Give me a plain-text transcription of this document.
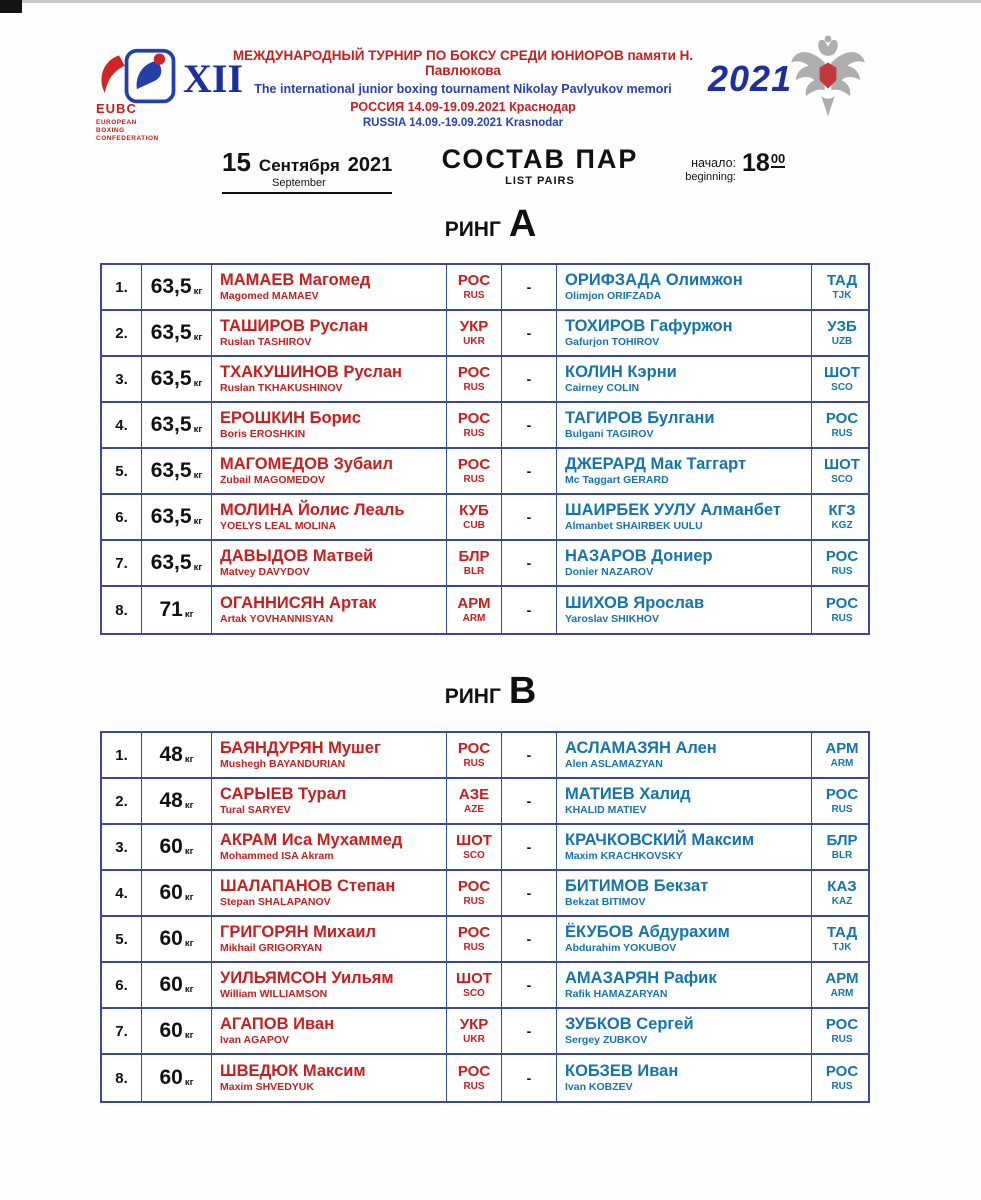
EUBC
EUROPEAN
BOXING
CONFEDERATION
XII
МЕЖДУНАРОДНЫЙ ТУРНИР ПО БОКСУ СРЕДИ ЮНИОРОВ памяти Н. Павлюкова
The international junior boxing tournament Nikolay Pavlyukov memori
РОССИЯ 14.09-19.09.2021 Краснодар
RUSSIA 14.09.-19.09.2021 Krasnodar
2021
15 Сентября 2021
September
СОСТАВ ПАР
LIST PAIRS
начало:
beginning: 1800
РИНГ A
1. 63,5 кг
МАМАЕВ Магомед
Magomed MAMAEV
РОС
RUS
- ОРИФЗАДА Олимжон
Olimjon ORIFZADA
ТАД
TJK
2. 63,5 кг
ТАШИРОВ Руслан
Ruslan TASHIROV
УКР
UKR
- ТОХИРОВ Гафуржон
Gafurjon TOHIROV
УЗБ
UZB
3. 63,5 кг
ТХАКУШИНОВ Руслан
Ruslan TKHAKUSHINOV
РОС
RUS
- КОЛИН Кэрни
Cairney COLIN
ШОТ
SCO
4. 63,5 кг
ЕРОШКИН Борис
Boris EROSHKIN
РОС
RUS
- ТАГИРОВ Булгани
Bulgani TAGIROV
РОС
RUS
5. 63,5 кг
МАГОМЕДОВ Зубаил
Zubail MAGOMEDOV
РОС
RUS
- ДЖЕРАРД Мак Таггарт
Mc Taggart GERARD
ШОТ
SCO
6. 63,5 кг
МОЛИНА Йолис Леаль
YOELYS LEAL MOLINA
КУБ
CUB
- ШАИРБЕК УУЛУ Алманбет
Almanbet SHAIRBEK UULU
КГЗ
KGZ
7. 63,5 кг
ДАВЫДОВ Матвей
Matvey DAVYDOV
БЛР
BLR
- НАЗАРОВ Дониер
Donier NAZAROV
РОС
RUS
8. 71 кг
ОГАННИСЯН Артак
Artak YOVHANNISYAN
АРМ
ARM
- ШИХОВ Ярослав
Yaroslav SHIKHOV
РОС
RUS
РИНГ B
1. 48 кг
БАЯНДУРЯН Мушег
Mushegh BAYANDURIAN
РОС
RUS
- АСЛАМАЗЯН Ален
Alen ASLAMAZYAN
АРМ
ARM
2. 48 кг
САРЫЕВ Турал
Tural SARYEV
АЗЕ
AZE
- МАТИЕВ Халид
KHALID MATIEV
РОС
RUS
3. 60 кг
АКРАМ Иса Мухаммед
Mohammed ISA Akram
ШОТ
SCO
- КРАЧКОВСКИЙ Максим
Maxim KRACHKOVSKY
БЛР
BLR
4. 60 кг
ШАЛАПАНОВ Степан
Stepan SHALAPANOV
РОС
RUS
- БИТИМОВ Бекзат
Bekzat BITIMOV
КАЗ
KAZ
5. 60 кг
ГРИГОРЯН Михаил
Mikhail GRIGORYAN
РОС
RUS
- ЁКУБОВ Абдурахим
Abdurahim YOKUBOV
ТАД
TJK
6. 60 кг
УИЛЬЯМСОН Уильям
William WILLIAMSON
ШОТ
SCO
- АМАЗАРЯН Рафик
Rafik HAMAZARYAN
АРМ
ARM
7. 60 кг
АГАПОВ Иван
Ivan AGAPOV
УКР
UKR
- ЗУБКОВ Сергей
Sergey ZUBKOV
РОС
RUS
8. 60 кг
ШВЕДЮК Максим
Maxim SHVEDYUK
РОС
RUS
- КОБЗЕВ Иван
Ivan KOBZEV
РОС
RUS
